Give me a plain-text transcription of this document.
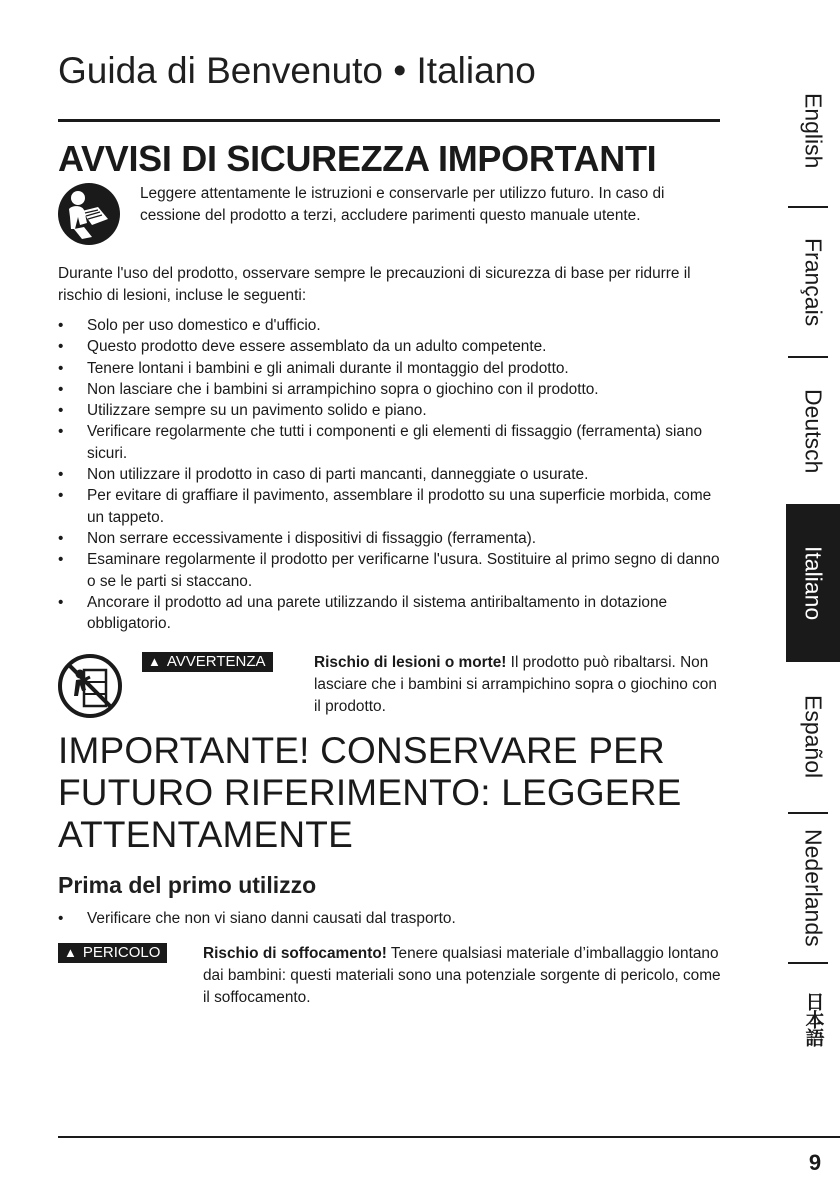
Guida di Benvenuto • Italiano
AVVISI DI SICUREZZA IMPORTANTI

Leggere attentamente le istruzioni e conservarle per utilizzo futuro. In caso di cessione del prodotto a terzi, accludere parimenti questo manuale utente.

Durante l'uso del prodotto, osservare sempre le precauzioni di sicurezza di base per ridurre il rischio di lesioni, incluse le seguenti:

• Solo per uso domestico e d'ufficio.
• Questo prodotto deve essere assemblato da un adulto competente.
• Tenere lontani i bambini e gli animali durante il montaggio del prodotto.
• Non lasciare che i bambini si arrampichino sopra o giochino con il prodotto.
• Utilizzare sempre su un pavimento solido e piano.
• Verificare regolarmente che tutti i componenti e gli elementi di fissaggio (ferramenta) siano sicuri.
• Non utilizzare il prodotto in caso di parti mancanti, danneggiate o usurate.
• Per evitare di graffiare il pavimento, assemblare il prodotto su una superficie morbida, come un tappeto.
• Non serrare eccessivamente i dispositivi di fissaggio (ferramenta).
• Esaminare regolarmente il prodotto per verificarne l'usura. Sostituire al primo segno di danno o se le parti si staccano.
• Ancorare il prodotto ad una parete utilizzando il sistema antiribaltamento in dotazione obbligatorio.
▲ AVVERTENZA	Rischio di lesioni o morte! Il prodotto può ribaltarsi. Non lasciare che i bambini si arrampichino sopra o giochino con il prodotto.

IMPORTANTE! CONSERVARE PER FUTURO RIFERIMENTO: LEGGERE ATTENTAMENTE
Prima del primo utilizzo
• Verificare che non vi siano danni causati dal trasporto.
▲ PERICOLO	Rischio di soffocamento! Tenere qualsiasi materiale d’imballaggio lontano dai bambini: questi materiali sono una potenziale sorgente di pericolo, come il soffocamento.

English
Français
Deutsch
Italiano
Español
Nederlands
日本語
9
